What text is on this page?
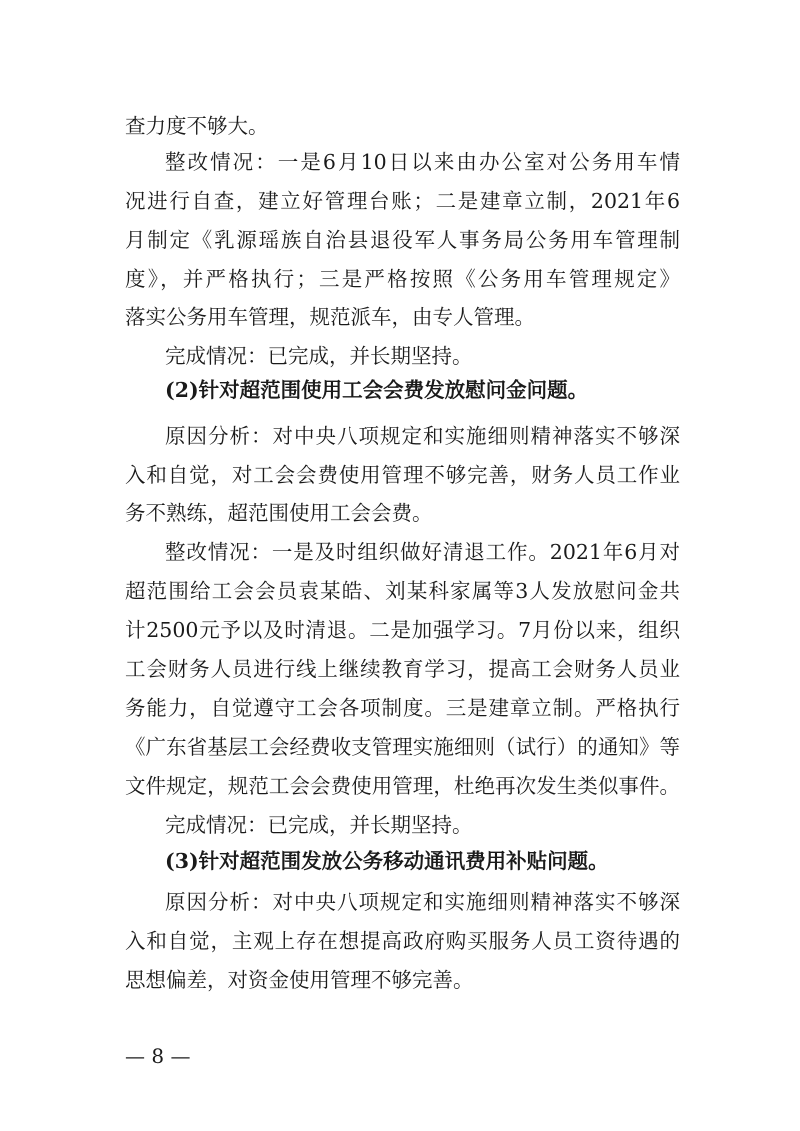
查力度不够大。
整改情况：一是6月10日以来由办公室对公务用车情
况进行自查，建立好管理台账；二是建章立制，2021年6
月制定《乳源瑶族自治县退役军人事务局公务用车管理制
度》，并严格执行；三是严格按照《公务用车管理规定》
落实公务用车管理，规范派车，由专人管理。
完成情况：已完成，并长期坚持。
(2)针对超范围使用工会会费发放慰问金问题。
原因分析：对中央八项规定和实施细则精神落实不够深
入和自觉，对工会会费使用管理不够完善，财务人员工作业
务不熟练，超范围使用工会会费。
整改情况：一是及时组织做好清退工作。2021年6月对
超范围给工会会员袁某皓、刘某科家属等3人发放慰问金共
计2500元予以及时清退。二是加强学习。7月份以来，组织
工会财务人员进行线上继续教育学习，提高工会财务人员业
务能力，自觉遵守工会各项制度。三是建章立制。严格执行
《广东省基层工会经费收支管理实施细则（试行）的通知》等
文件规定，规范工会会费使用管理，杜绝再次发生类似事件。
完成情况：已完成，并长期坚持。
(3)针对超范围发放公务移动通讯费用补贴问题。
原因分析：对中央八项规定和实施细则精神落实不够深
入和自觉，主观上存在想提高政府购买服务人员工资待遇的
思想偏差，对资金使用管理不够完善。
— 8 —
